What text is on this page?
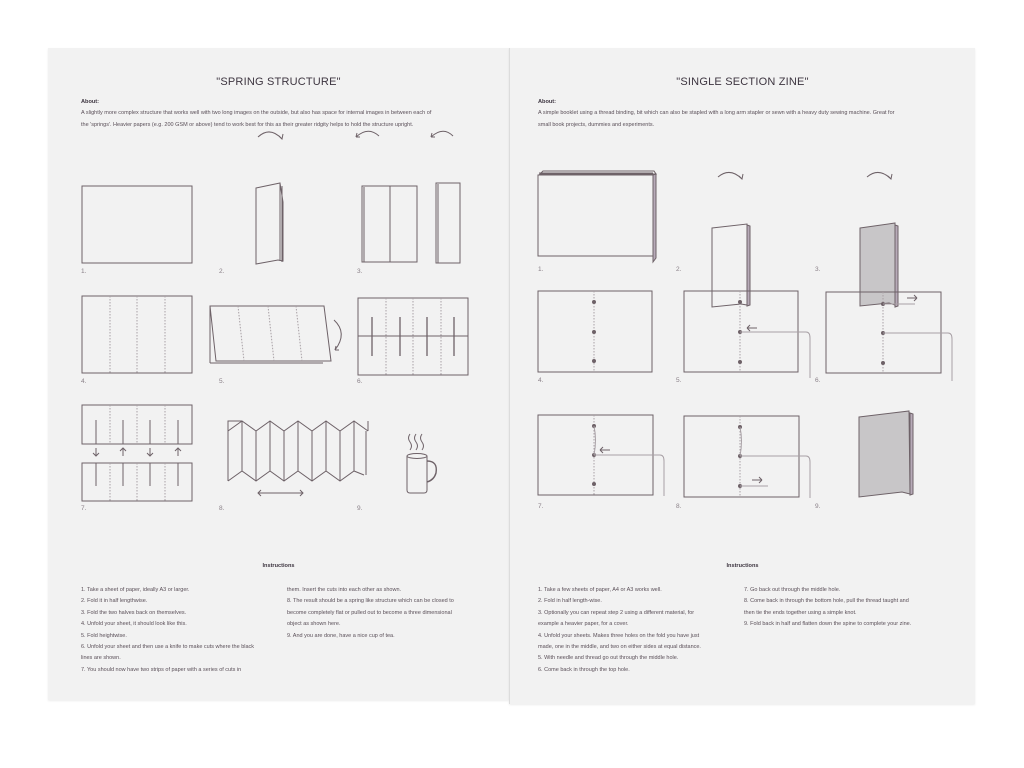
"SPRING STRUCTURE"
About:
A slightly more complex structure that works well with two long images on the outside, but also has space for internal images in between each of
the 'springs'. Heavier papers (e.g. 200 GSM or above) tend to work best for this as their greater ridgity helps to hold the structure upright.
1.	2.	3.
4.	5.	6.
7.	8.	9.
Instructions
1. Take a sheet of paper, ideally A3 or larger.
2. Fold it in half lengthwise.
3. Fold the two halves back on themselves.
4. Unfold your sheet, it should look like this.
5. Fold heightwise.
6. Unfold your sheet and then use a knife to make cuts where the black
lines are shown.
7. You should now have two strips of paper with a series of cuts in
them. Insert the cuts into each other as shown.
8. The result should be a spring like structure which can be closed to
become completely flat or pulled out to become a three dimensional
object as shown here.
9. And you are done, have a nice cup of tea.
"SINGLE SECTION ZINE"
About:
A simple booklet using a thread binding, bit which can also be stapled with a long arm stapler or sewn with a heavy duty sewing machine. Great for
small book projects, dummies and experiments.
1.	2.	3.
4.	5.	6.
7.	8.	9.
Instructions
1. Take a few sheets of paper, A4 or A3 works well.
2. Fold in half length-wise.
3. Optionally you can repeat step 2 using a different material, for
example a heavier paper, for a cover.
4. Unfold your sheets. Makes three holes on the fold you have just
made, one in the middle, and two on either sides at equal distance.
5. With needle and thread go out through the middle hole.
6. Come back in through the top hole.
7. Go back out through the middle hole.
8. Come back in through the bottom hole, pull the thread taught and
then tie the ends together using a simple knot.
9. Fold back in half and flatten down the spine to complete your zine.
